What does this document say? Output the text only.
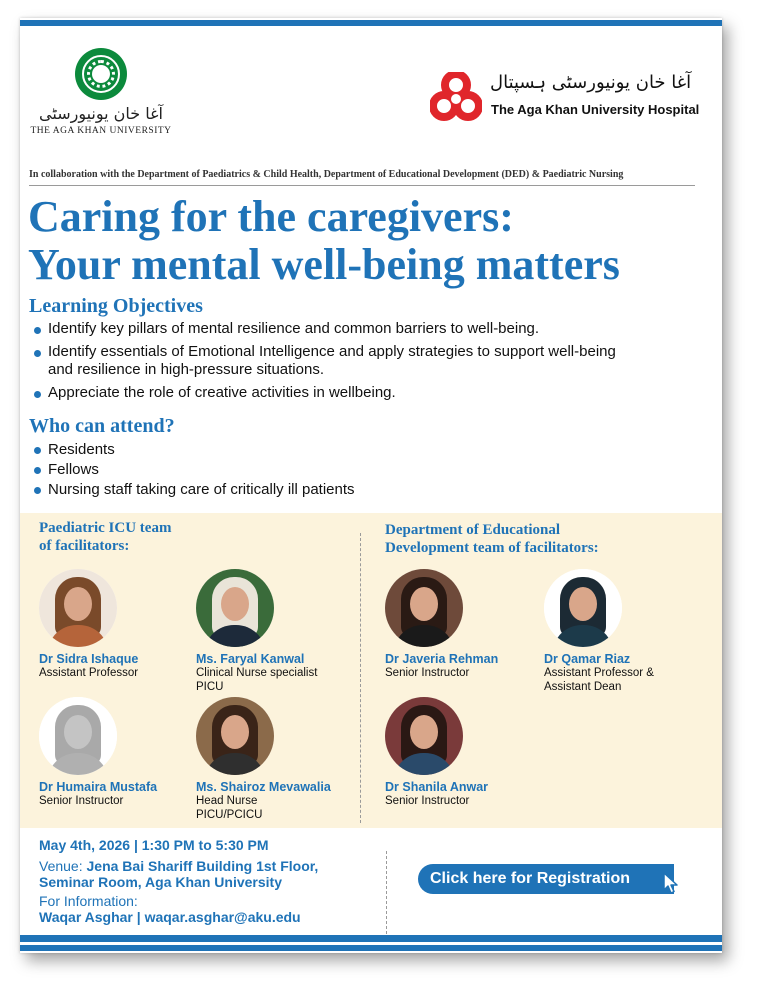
آغا خان یونیورسٹی
THE AGA KHAN UNIVERSITY
آغا خان یونیورسٹی ہسپتال
The Aga Khan University Hospital
In collaboration with the Department of Paediatrics & Child Health, Department of Educational Development (DED) & Paediatric Nursing
Caring for the caregivers:
Your mental well-being matters
Learning Objectives
Identify key pillars of mental resilience and common barriers to well-being.
Identify essentials of Emotional Intelligence and apply strategies to support well-being and resilience in high-pressure situations.
Appreciate the role of creative activities in wellbeing.
Who can attend?
Residents
Fellows
Nursing staff taking care of critically ill patients
Paediatric ICU team
of facilitators:
Department of Educational
Development team of facilitators:
Dr Sidra Ishaque
Assistant Professor
Ms. Faryal Kanwal
Clinical Nurse specialist
PICU
Dr Humaira Mustafa
Senior Instructor
Ms. Shairoz Mevawalia
Head Nurse
PICU/PCICU
Dr Javeria Rehman
Senior Instructor
Dr Qamar Riaz
Assistant Professor &
Assistant Dean
Dr Shanila Anwar
Senior Instructor
May 4th, 2026 | 1:30 PM to 5:30 PM
Venue: Jena Bai Shariff Building 1st Floor,
Seminar Room, Aga Khan University
For Information:
Waqar Asghar | waqar.asghar@aku.edu
Click here for Registration
